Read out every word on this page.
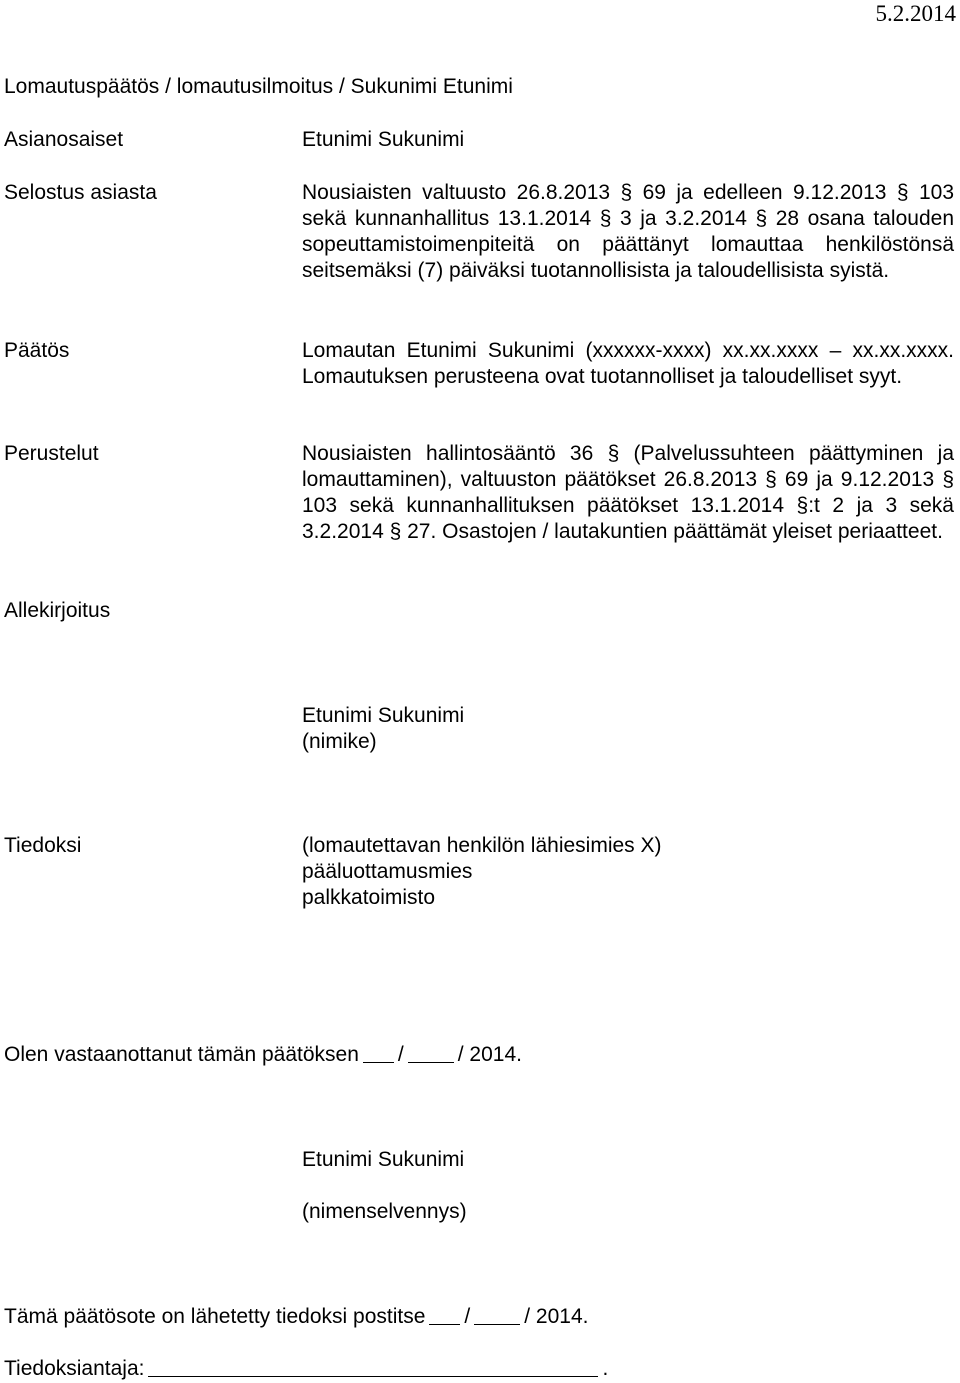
5.2.2014
Lomautuspäätös / lomautusilmoitus / Sukunimi Etunimi
Asianosaiset	Etunimi Sukunimi
Selostus asiasta	Nousiaisten valtuusto 26.8.2013 § 69 ja edelleen 9.12.2013 § 103 sekä kunnanhallitus 13.1.2014 § 3 ja 3.2.2014 § 28 osana talouden sopeuttamistoimenpiteitä on päättänyt lomauttaa henkilöstönsä seitsemäksi (7) päiväksi tuotannollisista ja taloudellisista syistä.
Päätös	Lomautan Etunimi Sukunimi (xxxxxx-xxxx) xx.xx.xxxx – xx.xx.xxxx. Lomautuksen perusteena ovat tuotannolliset ja taloudelliset syyt.
Perustelut	Nousiaisten hallintosääntö 36 § (Palvelussuhteen päättyminen ja lomauttaminen), valtuuston päätökset 26.8.2013 § 69 ja 9.12.2013 § 103 sekä kunnanhallituksen päätökset 13.1.2014 §:t 2 ja 3 sekä 3.2.2014 § 27. Osastojen / lautakuntien päättämät yleiset periaatteet.
Allekirjoitus
Etunimi Sukunimi
(nimike)
Tiedoksi	(lomautettavan henkilön lähiesimies X)
pääluottamusmies
palkkatoimisto
Olen vastaanottanut tämän päätöksen /	/ 2014.
Etunimi Sukunimi
(nimenselvennys)
Tämä päätösote on lähetetty tiedoksi postitse /	/ 2014.
Tiedoksiantaja:	.
